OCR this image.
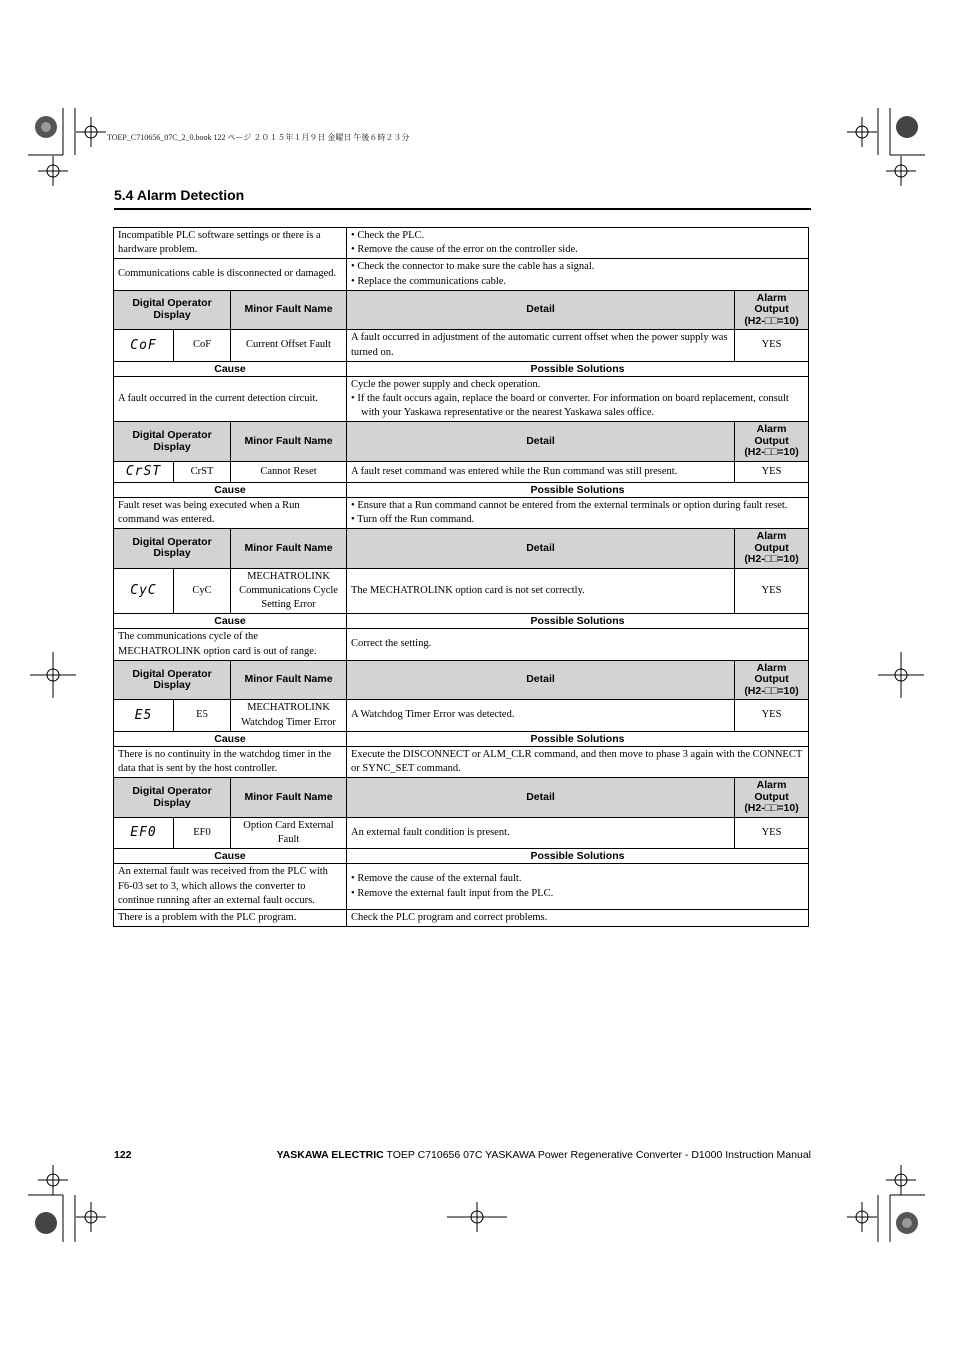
TOEP_C710656_07C_2_0.book 122 ページ ２０１５年１月９日 金曜日 午後６時２３分
5.4 Alarm Detection
Incompatible PLC software settings or there is a hardware problem.			• Check the PLC.
• Remove the cause of the error on the controller side.

Communications cable is disconnected or damaged.			• Check the connector to make sure the cable has a signal.
• Replace the communications cable.

Digital Operator Display		Minor Fault Name	Detail	Alarm
Output
(H2-□□=10)

CoF	CoF	Current Offset Fault	A fault occurred in adjustment of the automatic current offset when the power supply was turned on.	YES
Cause			Possible Solutions	
A fault occurred in the current detection circuit.			Cycle the power supply and check operation.
• If the fault occurs again, replace the board or converter. For information on board replacement, consult with your Yaskawa representative or the nearest Yaskawa sales office.

Digital Operator Display		Minor Fault Name	Detail	Alarm
Output
(H2-□□=10)

CrST	CrST	Cannot Reset	A fault reset command was entered while the Run command was still present.	YES
Cause			Possible Solutions	
Fault reset was being executed when a Run command was entered.			• Ensure that a Run command cannot be entered from the external terminals or option during fault reset.
• Turn off the Run command.

Digital Operator Display		Minor Fault Name	Detail	Alarm
Output
(H2-□□=10)

CyC	CyC	MECHATROLINK Communications Cycle Setting Error	The MECHATROLINK option card is not set correctly.	YES
Cause			Possible Solutions	
The communications cycle of the MECHATROLINK option card is out of range.			Correct the setting.	

Digital Operator Display		Minor Fault Name	Detail	Alarm
Output
(H2-□□=10)

E5	E5	MECHATROLINK Watchdog Timer Error	A Watchdog Timer Error was detected.	YES
Cause			Possible Solutions	
There is no continuity in the watchdog timer in the data that is sent by the host controller.			Execute the DISCONNECT or ALM_CLR command, and then move to phase 3 again with the CONNECT or SYNC_SET command.	

Digital Operator Display		Minor Fault Name	Detail	Alarm
Output
(H2-□□=10)

EF0	EF0	Option Card External Fault	An external fault condition is present.	YES
Cause			Possible Solutions	
An external fault was received from the PLC with F6-03 set to 3, which allows the converter to continue running after an external fault occurs.			• Remove the cause of the external fault.
• Remove the external fault input from the PLC.

There is a problem with the PLC program.			Check the PLC program and correct problems.	
122	YASKAWA ELECTRIC TOEP C710656 07C YASKAWA Power Regenerative Converter - D1000 Instruction Manual
